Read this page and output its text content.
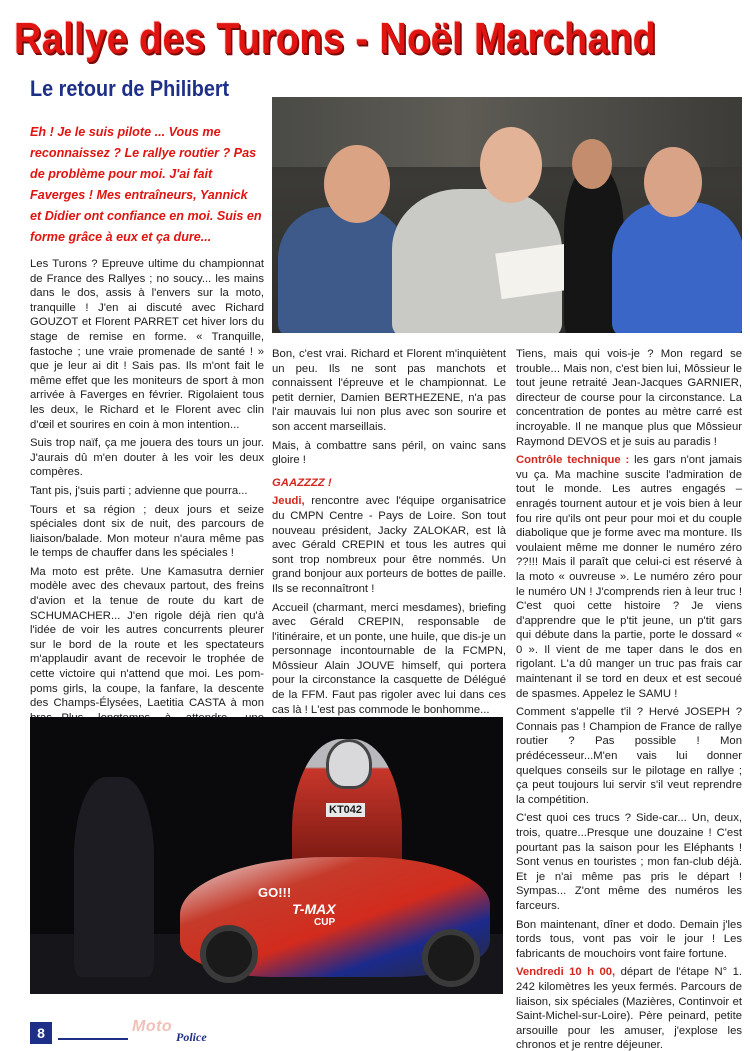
Rallye des Turons - Noël Marchand
Le retour de Philibert
Eh ! Je le suis pilote ... Vous me reconnaissez ? Le rallye routier ? Pas de problème pour moi. J'ai fait Faverges ! Mes entraîneurs, Yannick et Didier ont confiance en moi. Suis en forme grâce à eux et ça dure...

Les Turons ? Epreuve ultime du championnat de France des Rallyes ; no soucy... les mains dans le dos, assis à l'envers sur la moto, tranquille ! J'en ai discuté avec Richard GOUZOT et Florent PARRET cet hiver lors du stage de remise en forme. « Tranquille, fastoche ; une vraie promenade de santé ! » que je leur ai dit ! Sais pas. Ils m'ont fait le même effet que les moniteurs de sport à mon arrivée à Faverges en février. Rigolaient tous les deux, le Richard et le Florent avec clin d'œil et sourires en coin à mon intention...

Suis trop naïf, ça me jouera des tours un jour. J'aurais dû m'en douter à les voir les deux compères.

Tant pis, j'suis parti ; advienne que pourra...

Tours et sa région ; deux jours et seize spéciales dont six de nuit, des parcours de liaison/balade. Mon moteur n'aura même pas le temps de chauffer dans les spéciales !

Ma moto est prête. Une Kamasutra dernier modèle avec des chevaux partout, des freins d'avion et la tenue de route du kart de SCHUMACHER... J'en rigole déjà rien qu'à l'idée de voir les autres concurrents pleurer sur le bord de la route et les spectateurs m'applaudir avant de recevoir le trophée de cette victoire qui n'attend que moi. Les pom-poms girls, la coupe, la fanfare, la descente des Champs-Élysées, Laetitia CASTA à mon

Bon, c'est vrai. Richard et Florent m'inquiètent un peu. Ils ne sont pas manchots et connaissent l'épreuve et le championnat. Le petit dernier, Damien BERTHEZENE, n'a pas l'air mauvais lui non plus avec son sourire et son accent marseillais.

Mais, à combattre sans péril, on vainc sans gloire !

GAAZZZZ !

Jeudi, rencontre avec l'équipe organisatrice du CMPN Centre - Pays de Loire. Son tout nouveau président, Jacky ZALOKAR, est là avec Gérald CREPIN et tous les autres qui sont trop nombreux pour être nommés. Un grand bonjour aux porteurs de bottes de paille. Ils se reconnaîtront !

Accueil (charmant, merci mesdames), briefing avec Gérald CREPIN, responsable de l'itinéraire, et un ponte, une huile, que dis-je un personnage incontournable de la FCMPN, Môssieur Alain JOUVE himself, qui portera pour la circonstance la casquette de Délégué de la FFM. Faut pas rigoler avec lui dans ces cas là ! L'est pas commode le bonhomme...

Tiens, mais qui vois-je ? Mon regard se trouble... Mais non, c'est bien lui, Môssieur le tout jeune retraité Jean-Jacques GARNIER, directeur de course pour la circonstance. La concentration de pontes au mètre carré est incroyable. Il ne manque plus que Môssieur Raymond DEVOS et je suis au paradis !

Contrôle technique : les gars n'ont jamais vu ça. Ma machine suscite l'admiration de tout le monde. Les autres engagés – enragés tournent autour et je vois bien à leur fou rire qu'ils ont peur pour moi et du couple diabolique que je forme avec ma monture. Ils voulaient même me donner le numéro zéro ??!!! Mais il paraît que celui-ci est réservé à la moto « ouvreuse ». Le numéro zéro pour le numéro UN ! J'comprends rien à leur truc ! C'est quoi cette histoire ? Je viens d'apprendre que le p'tit jeune, un p'tit gars qui débute dans la partie, porte le dossard « 0 ». Il vient de me taper dans le dos en rigolant. L'a dû manger un truc pas frais car maintenant il se tord en deux et est secoué de spasmes. Appelez le SAMU !

Comment s'appelle t'il ? Hervé JOSEPH ? Connais pas ! Champion de France de rallye routier ? Pas possible ! Mon prédécesseur...M'en vais lui donner quelques conseils sur le pilotage en rallye ; ça peut toujours lui servir s'il veut reprendre la compétition.

C'est quoi ces trucs ? Side-car... Un, deux, trois, quatre...Presque une douzaine ! C'est pourtant pas la saison pour les Eléphants ! Sont venus en touristes ; mon fan-club déjà. Et je n'ai même pas pris le départ ! Sympas... Z'ont même des numéros les farceurs.

Bon maintenant, dîner et dodo. Demain j'les tords tous, vont pas voir le jour ! Les fabricants de mouchoirs vont faire fortune.

Vendredi 10 h 00, départ de l'étape N° 1. 242 kilomètres les yeux fermés. Parcours de liaison, six spéciales (Mazières, Continvoir et Saint-Michel-sur-Loire). Père peinard, petite arsouille pour les amuser, j'explose les chronos et je rentre déjeuner.

KT042
GO!!!
T-MAX
CUP
8	Moto
Police
